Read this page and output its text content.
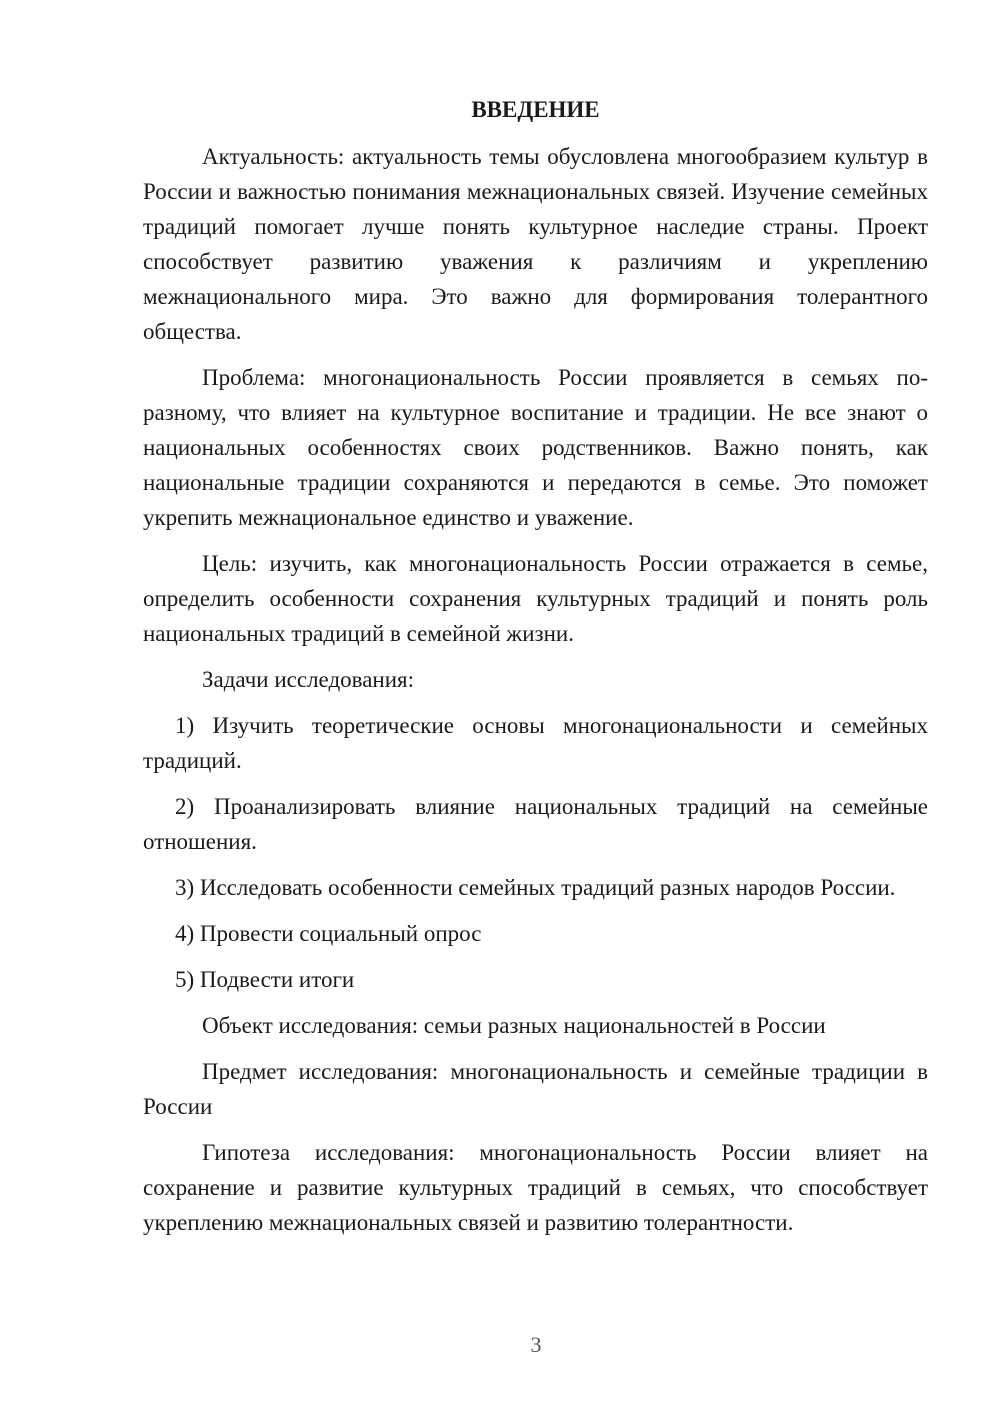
ВВЕДЕНИЕ

Актуальность: актуальность темы обусловлена многообразием культур в России и важностью понимания межнациональных связей. Изучение семейных традиций помогает лучше понять культурное наследие страны. Проект способствует развитию уважения к различиям и укреплению межнационального мира. Это важно для формирования толерантного общества.

Проблема: многонациональность России проявляется в семьях по-разному, что влияет на культурное воспитание и традиции. Не все знают о национальных особенностях своих родственников. Важно понять, как национальные традиции сохраняются и передаются в семье. Это поможет укрепить межнациональное единство и уважение.

Цель: изучить, как многонациональность России отражается в семье, определить особенности сохранения культурных традиций и понять роль национальных традиций в семейной жизни.

Задачи исследования:

1) Изучить теоретические основы многонациональности и семейных традиций.

2) Проанализировать влияние национальных традиций на семейные отношения.

3) Исследовать особенности семейных традиций разных народов России.

4) Провести социальный опрос

5) Подвести итоги

Объект исследования: семьи разных национальностей в России

Предмет исследования: многонациональность и семейные традиции в России

Гипотеза исследования: многонациональность России влияет на сохранение и развитие культурных традиций в семьях, что способствует укреплению межнациональных связей и развитию толерантности.

3
